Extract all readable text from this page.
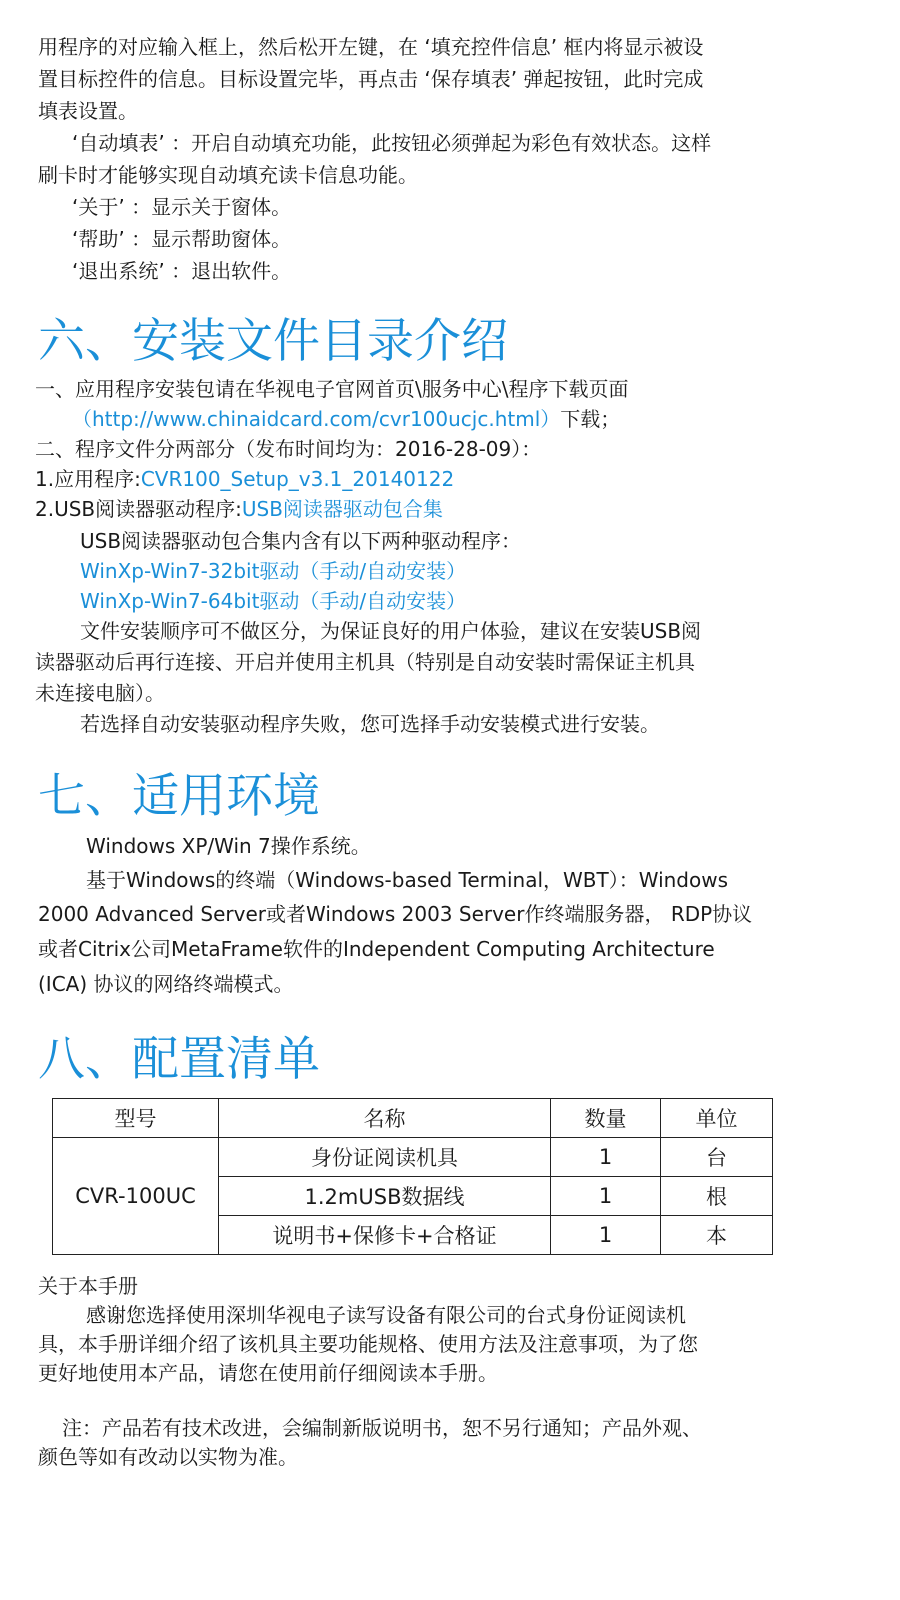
用程序的对应输入框上，然后松开左键，在 ‘填充控件信息’ 框内将显示被设

置目标控件的信息。目标设置完毕，再点击 ‘保存填表’ 弹起按钮，此时完成

填表设置。

‘自动填表’ ：开启自动填充功能，此按钮必须弹起为彩色有效状态。这样

刷卡时才能够实现自动填充读卡信息功能。

‘关于’ ：显示关于窗体。

‘帮助’ ：显示帮助窗体。

‘退出系统’ ：退出软件。

六、安装文件目录介绍

一、应用程序安装包请在华视电子官网首页\服务中心\程序下载页面

（http://www.chinaidcard.com/cvr100ucjc.html）下载；

二、程序文件分两部分（发布时间均为：2016-28-09）：

1.应用程序:CVR100_Setup_v3.1_20140122

2.USB阅读器驱动程序:USB阅读器驱动包合集

USB阅读器驱动包合集内含有以下两种驱动程序：

WinXp-Win7-32bit驱动（手动/自动安装）

WinXp-Win7-64bit驱动（手动/自动安装）

文件安装顺序可不做区分，为保证良好的用户体验，建议在安装USB阅

读器驱动后再行连接、开启并使用主机具（特别是自动安装时需保证主机具

未连接电脑）。

若选择自动安装驱动程序失败，您可选择手动安装模式进行安装。

七、适用环境

Windows XP/Win 7操作系统。

基于Windows的终端（Windows-based Terminal，WBT）：Windows

2000 Advanced Server或者Windows 2003 Server作终端服务器， RDP协议

或者Citrix公司MetaFrame软件的Independent Computing Architecture

(ICA) 协议的网络终端模式。

八、配置清单
型号	名称	数量	单位
CVR-100UC	身份证阅读机具	1	台
	1.2mUSB数据线	1	根
	说明书+保修卡+合格证	1	本

关于本手册

感谢您选择使用深圳华视电子读写设备有限公司的台式身份证阅读机

具，本手册详细介绍了该机具主要功能规格、使用方法及注意事项，为了您

更好地使用本产品，请您在使用前仔细阅读本手册。

注：产品若有技术改进，会编制新版说明书，恕不另行通知；产品外观、

颜色等如有改动以实物为准。
